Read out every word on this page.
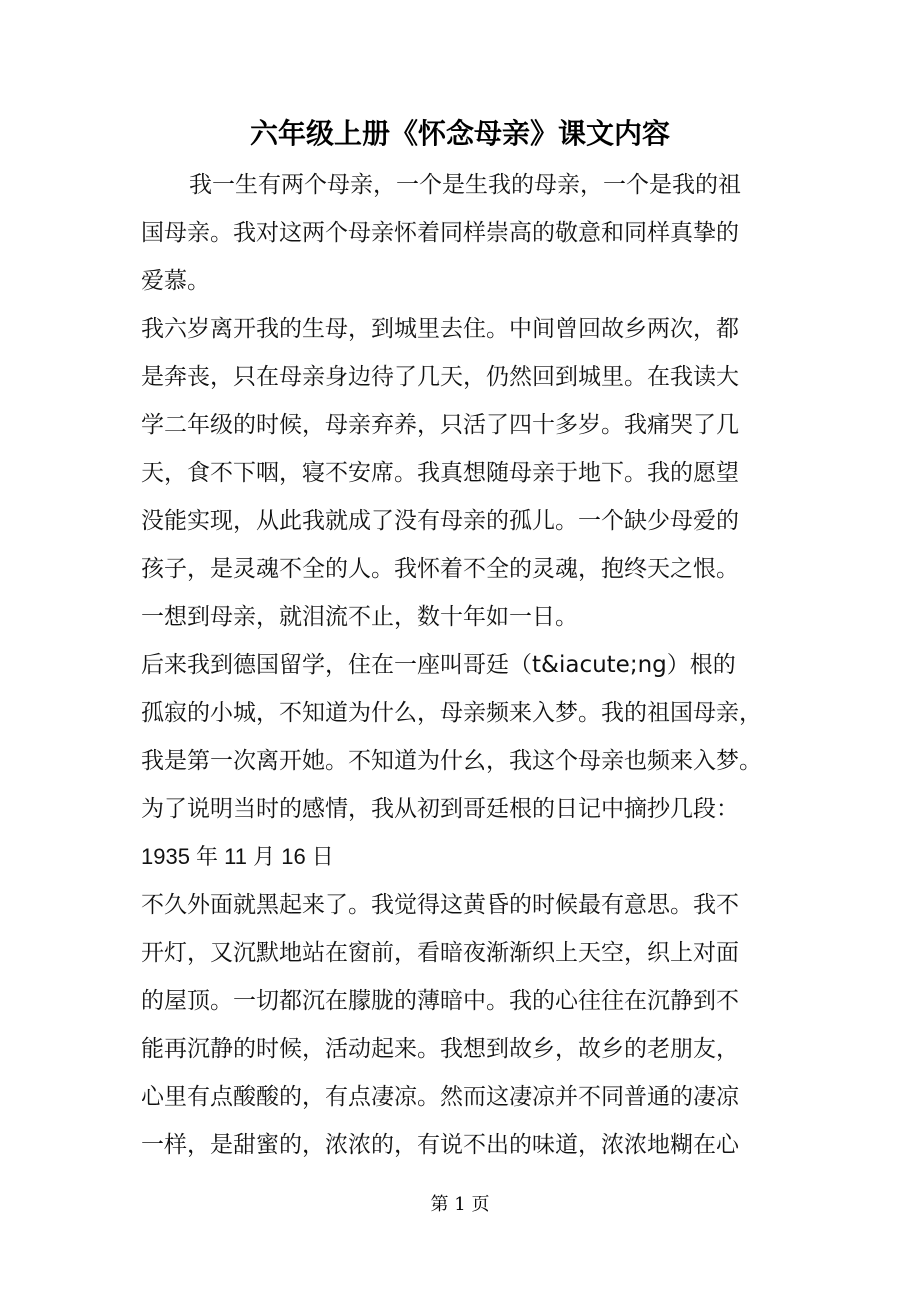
六年级上册《怀念母亲》课文内容
我一生有两个母亲，一个是生我的母亲，一个是我的祖
国母亲。我对这两个母亲怀着同样崇高的敬意和同样真挚的
爱慕。
我六岁离开我的生母，到城里去住。中间曾回故乡两次，都
是奔丧，只在母亲身边待了几天，仍然回到城里。在我读大
学二年级的时候，母亲弃养，只活了四十多岁。我痛哭了几
天，食不下咽，寝不安席。我真想随母亲于地下。我的愿望
没能实现，从此我就成了没有母亲的孤儿。一个缺少母爱的
孩子，是灵魂不全的人。我怀着不全的灵魂，抱终天之恨。
一想到母亲，就泪流不止，数十年如一日。
后来我到德国留学，住在一座叫哥廷（t&iacute;ng）根的
孤寂的小城，不知道为什么，母亲频来入梦。我的祖国母亲，
我是第一次离开她。不知道为什幺，我这个母亲也频来入梦。
为了说明当时的感情，我从初到哥廷根的日记中摘抄几段：
1935 年 11 月 16 日
不久外面就黑起来了。我觉得这黄昏的时候最有意思。我不
开灯，又沉默地站在窗前，看暗夜渐渐织上天空，织上对面
的屋顶。一切都沉在朦胧的薄暗中。我的心往往在沉静到不
能再沉静的时候，活动起来。我想到故乡，故乡的老朋友，
心里有点酸酸的，有点凄凉。然而这凄凉并不同普通的凄凉
一样，是甜蜜的，浓浓的，有说不出的味道，浓浓地糊在心
第 1 页
